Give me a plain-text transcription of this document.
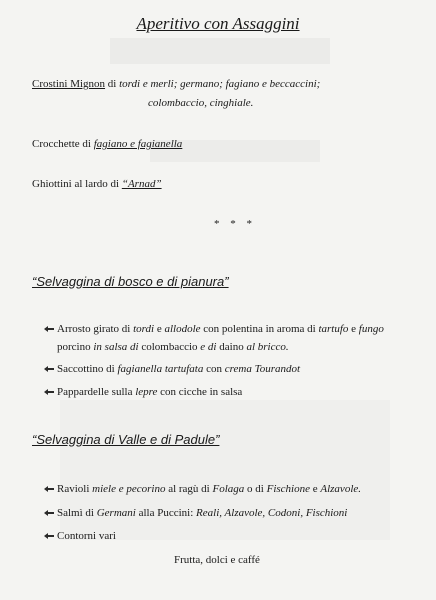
Aperitivo con Assaggini
Crostini Mignon di tordi e merli; germano; fagiano e beccaccini;
colombaccio, cinghiale.
Crocchette di fagiano e fagianella
Ghiottini al lardo di “Arnad”
* * *
“Selvaggina di bosco e di pianura”
Arrosto girato di tordi e allodole con polentina in aroma di tartufo e fungo
porcino in salsa di colombaccio e di daino al bricco.
Saccottino di fagianella tartufata con crema Tourandot
Pappardelle sulla lepre con cicche in salsa
“Selvaggina di Valle e di Padule”
Ravioli miele e pecorino al ragù di Folaga o di Fischione e Alzavole.
Salmì di Germani alla Puccini: Reali, Alzavole, Codoni, Fischioni
Contorni vari
Frutta, dolci e caffé
